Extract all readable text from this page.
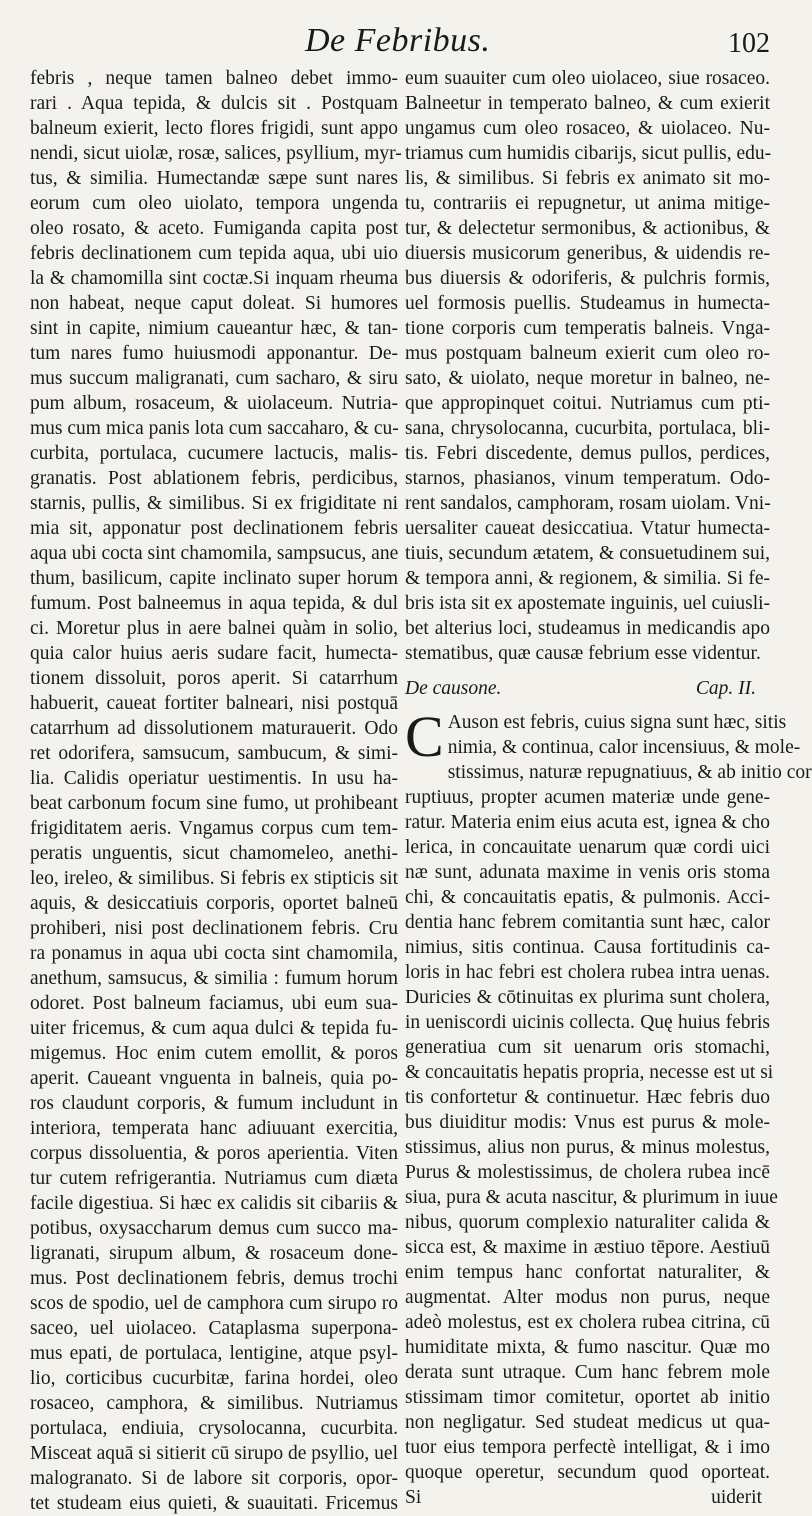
De Febribus.	102
febris , neque tamen balneo debet immo-
rari . Aqua tepida, & dulcis sit . Postquam
balneum exierit, lecto flores frigidi, sunt appo
nendi, sicut uiolæ, rosæ, salices, psyllium, myr-
tus, & similia. Humectandæ sæpe sunt nares
eorum cum oleo uiolato, tempora ungenda
oleo rosato, & aceto. Fumiganda capita post
febris declinationem cum tepida aqua, ubi uio
la & chamomilla sint coctæ.Si inquam rheuma
non habeat, neque caput doleat. Si humores
sint in capite, nimium caueantur hæc, & tan-
tum nares fumo huiusmodi apponantur. De-
mus succum maligranati, cum sacharo, & siru
pum album, rosaceum, & uiolaceum. Nutria-
mus cum mica panis lota cum saccaharo, & cu-
curbita, portulaca, cucumere lactucis, malis-
granatis. Post ablationem febris, perdicibus,
starnis, pullis, & similibus. Si ex frigiditate ni
mia sit, apponatur post declinationem febris
aqua ubi cocta sint chamomila, sampsucus, ane
thum, basilicum, capite inclinato super horum
fumum. Post balneemus in aqua tepida, & dul
ci. Moretur plus in aere balnei quàm in solio,
quia calor huius aeris sudare facit, humecta-
tionem dissoluit, poros aperit. Si catarrhum
habuerit, caueat fortiter balneari, nisi postquā
catarrhum ad dissolutionem maturauerit. Odo
ret odorifera, samsucum, sambucum, & simi-
lia. Calidis operiatur uestimentis. In usu ha-
beat carbonum focum sine fumo, ut prohibeant
frigiditatem aeris. Vngamus corpus cum tem-
peratis unguentis, sicut chamomeleo, anethi-
leo, ireleo, & similibus. Si febris ex stipticis sit
aquis, & desiccatiuis corporis, oportet balneū
prohiberi, nisi post declinationem febris. Cru
ra ponamus in aqua ubi cocta sint chamomila,
anethum, samsucus, & similia : fumum horum
odoret. Post balneum faciamus, ubi eum sua-
uiter fricemus, & cum aqua dulci & tepida fu-
migemus. Hoc enim cutem emollit, & poros
aperit. Caueant vnguenta in balneis, quia po-
ros claudunt corporis, & fumum includunt in
interiora, temperata hanc adiuuant exercitia,
corpus dissoluentia, & poros aperientia. Viten
tur cutem refrigerantia. Nutriamus cum diæta
facile digestiua. Si hæc ex calidis sit cibariis &
potibus, oxysaccharum demus cum succo ma-
ligranati, sirupum album, & rosaceum done-
mus. Post declinationem febris, demus trochi
scos de spodio, uel de camphora cum sirupo ro
saceo, uel uiolaceo. Cataplasma superpona-
mus epati, de portulaca, lentigine, atque psyl-
lio, corticibus cucurbitæ, farina hordei, oleo
rosaceo, camphora, & similibus. Nutriamus
portulaca, endiuia, crysolocanna, cucurbita.
Misceat aquā si sitierit cū sirupo de psyllio, uel
malogranato. Si de labore sit corporis, opor-
tet studeam eius quieti, & suauitati. Fricemus
eum suauiter cum oleo uiolaceo, siue rosaceo.
Balneetur in temperato balneo, & cum exierit
ungamus cum oleo rosaceo, & uiolaceo. Nu-
triamus cum humidis cibarijs, sicut pullis, edu-
lis, & similibus. Si febris ex animato sit mo-
tu, contrariis ei repugnetur, ut anima mitige-
tur, & delectetur sermonibus, & actionibus, &
diuersis musicorum generibus, & uidendis re-
bus diuersis & odoriferis, & pulchris formis,
uel formosis puellis. Studeamus in humecta-
tione corporis cum temperatis balneis. Vnga-
mus postquam balneum exierit cum oleo ro-
sato, & uiolato, neque moretur in balneo, ne-
que appropinquet coitui. Nutriamus cum pti-
sana, chrysolocanna, cucurbita, portulaca, bli-
tis. Febri discedente, demus pullos, perdices,
starnos, phasianos, vinum temperatum. Odo-
rent sandalos, camphoram, rosam uiolam. Vni-
uersaliter caueat desiccatiua. Vtatur humecta-
tiuis, secundum ætatem, & consuetudinem sui,
& tempora anni, & regionem, & similia. Si fe-
bris ista sit ex apostemate inguinis, uel cuiusli-
bet alterius loci, studeamus in medicandis apo
stematibus, quæ causæ febrium esse videntur.
De causone.	Cap. II.
C Auson est febris, cuius signa sunt hæc, sitis
nimia, & continua, calor incensiuus, & mole-
stissimus, naturæ repugnatiuus, & ab initio cor
ruptiuus, propter acumen materiæ unde gene-
ratur. Materia enim eius acuta est, ignea & cho
lerica, in concauitate uenarum quæ cordi uici
næ sunt, adunata maxime in venis oris stoma
chi, & concauitatis epatis, & pulmonis. Acci-
dentia hanc febrem comitantia sunt hæc, calor
nimius, sitis continua. Causa fortitudinis ca-
loris in hac febri est cholera rubea intra uenas.
Duricies & cōtinuitas ex plurima sunt cholera,
in ueniscordi uicinis collecta. Quę huius febris
generatiua cum sit uenarum oris stomachi,
& concauitatis hepatis propria, necesse est ut si
tis confortetur & continuetur. Hæc febris duo
bus diuiditur modis: Vnus est purus & mole-
stissimus, alius non purus, & minus molestus,
Purus & molestissimus, de cholera rubea incē
siua, pura & acuta nascitur, & plurimum in iuue
nibus, quorum complexio naturaliter calida &
sicca est, & maxime in æstiuo tēpore. Aestiuū
enim tempus hanc confortat naturaliter, &
augmentat. Alter modus non purus, neque
adeò molestus, est ex cholera rubea citrina, cū
humiditate mixta, & fumo nascitur. Quæ mo
derata sunt utraque. Cum hanc febrem mole
stissimam timor comitetur, oportet ab initio
non negligatur. Sed studeat medicus ut qua-
tuor eius tempora perfectè intelligat, & i imo
quoque operetur, secundum quod oporteat.
Si uiderit
